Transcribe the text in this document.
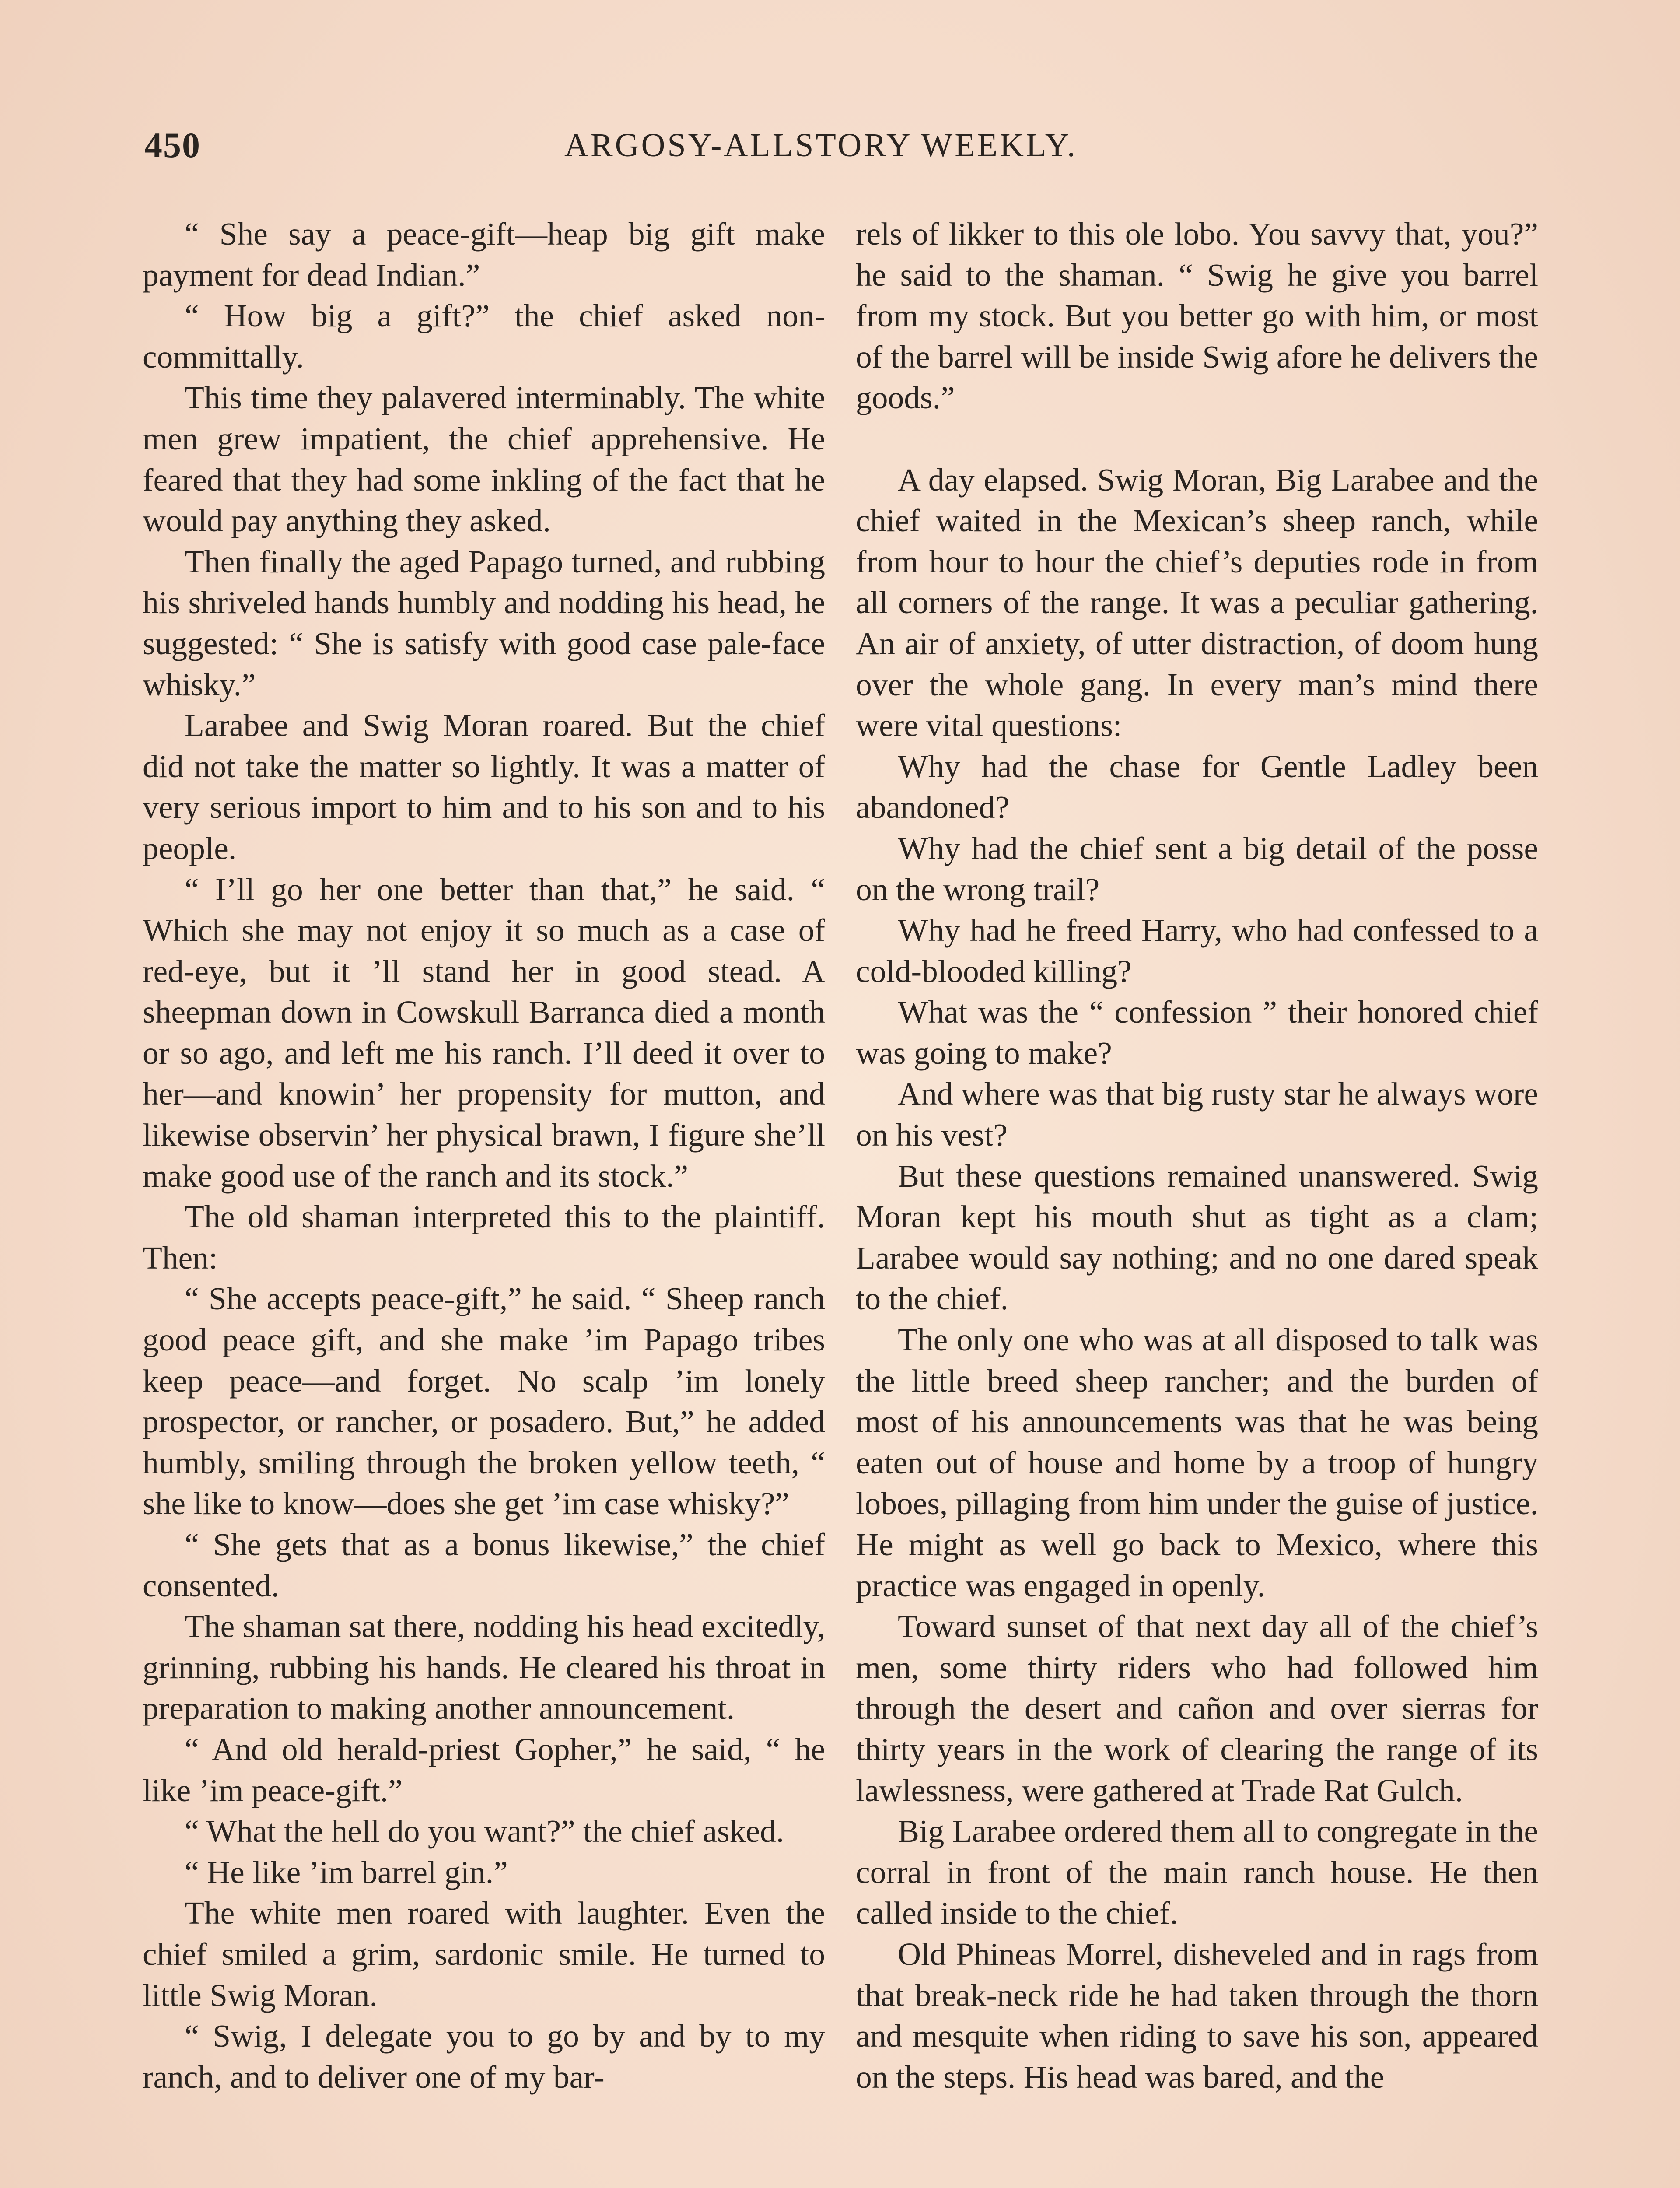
450	ARGOSY-ALLSTORY WEEKLY.

“ She say a peace-gift—heap big gift make payment for dead Indian.”

“ How big a gift?” the chief asked non-committally.

This time they palavered interminably. The white men grew impatient, the chief apprehensive. He feared that they had some inkling of the fact that he would pay anything they asked.

Then finally the aged Papago turned, and rubbing his shriveled hands humbly and nodding his head, he suggested: “ She is satisfy with good case pale-face whisky.”

Larabee and Swig Moran roared. But the chief did not take the matter so lightly. It was a matter of very serious import to him and to his son and to his people.

“ I’ll go her one better than that,” he said. “ Which she may not enjoy it so much as a case of red-eye, but it ’ll stand her in good stead. A sheepman down in Cowskull Barranca died a month or so ago, and left me his ranch. I’ll deed it over to her—and knowin’ her propensity for mutton, and likewise observin’ her physical brawn, I figure she’ll make good use of the ranch and its stock.”

The old shaman interpreted this to the plaintiff. Then:

“ She accepts peace-gift,” he said. “ Sheep ranch good peace gift, and she make ’im Papago tribes keep peace—and forget. No scalp ’im lonely prospector, or rancher, or posadero. But,” he added humbly, smiling through the broken yellow teeth, “ she like to know—does she get ’im case whisky?”

“ She gets that as a bonus likewise,” the chief consented.

The shaman sat there, nodding his head excitedly, grinning, rubbing his hands. He cleared his throat in preparation to making another announcement.

“ And old herald-priest Gopher,” he said, “ he like ’im peace-gift.”

“ What the hell do you want?” the chief asked.

“ He like ’im barrel gin.”

The white men roared with laughter. Even the chief smiled a grim, sardonic smile. He turned to little Swig Moran.

“ Swig, I delegate you to go by and by to my ranch, and to deliver one of my bar-

rels of likker to this ole lobo. You savvy that, you?” he said to the shaman. “ Swig he give you barrel from my stock. But you better go with him, or most of the barrel will be inside Swig afore he delivers the goods.”

A day elapsed. Swig Moran, Big Larabee and the chief waited in the Mexican’s sheep ranch, while from hour to hour the chief’s deputies rode in from all corners of the range. It was a peculiar gathering. An air of anxiety, of utter distraction, of doom hung over the whole gang. In every man’s mind there were vital questions:

Why had the chase for Gentle Ladley been abandoned?

Why had the chief sent a big detail of the posse on the wrong trail?

Why had he freed Harry, who had confessed to a cold-blooded killing?

What was the “ confession ” their honored chief was going to make?

And where was that big rusty star he always wore on his vest?

But these questions remained unanswered. Swig Moran kept his mouth shut as tight as a clam; Larabee would say nothing; and no one dared speak to the chief.

The only one who was at all disposed to talk was the little breed sheep rancher; and the burden of most of his announcements was that he was being eaten out of house and home by a troop of hungry loboes, pillaging from him under the guise of justice. He might as well go back to Mexico, where this practice was engaged in openly.

Toward sunset of that next day all of the chief’s men, some thirty riders who had followed him through the desert and cañon and over sierras for thirty years in the work of clearing the range of its lawlessness, were gathered at Trade Rat Gulch.

Big Larabee ordered them all to congregate in the corral in front of the main ranch house. He then called inside to the chief.

Old Phineas Morrel, disheveled and in rags from that break-neck ride he had taken through the thorn and mesquite when riding to save his son, appeared on the steps. His head was bared, and the
